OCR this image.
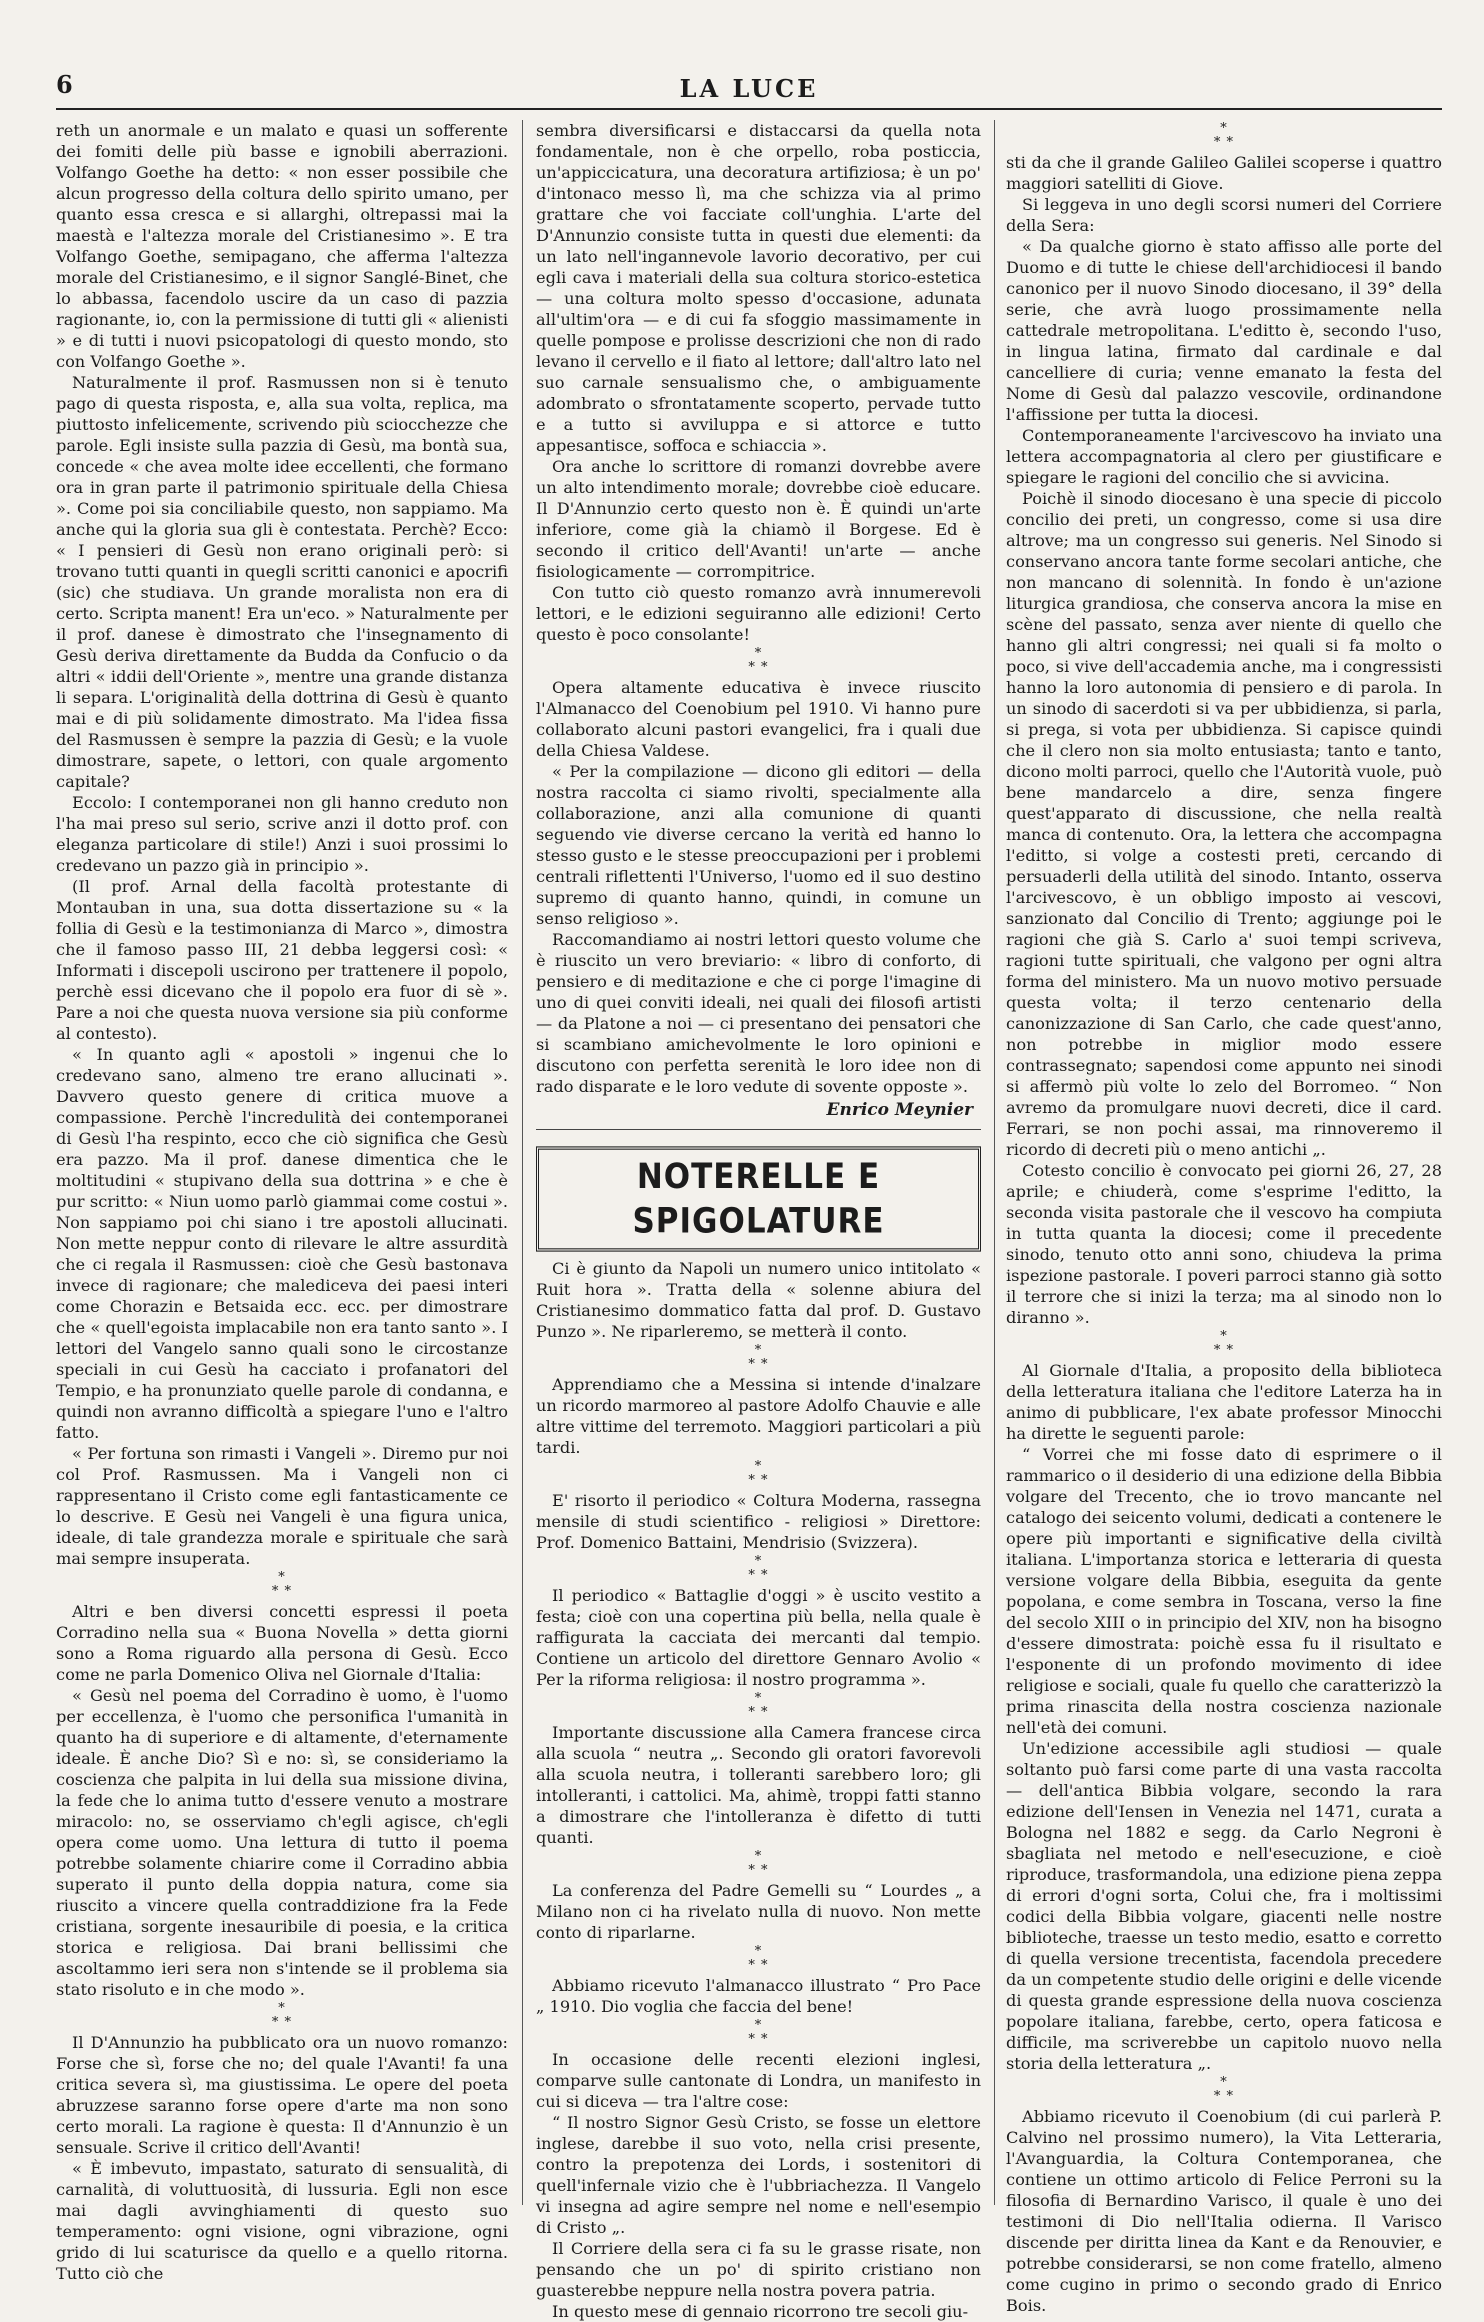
6	LA LUCE

reth un anormale e un malato e quasi un sofferente dei fomiti delle più basse e ignobili aberrazioni. Volfango Goethe ha detto: « non esser possibile che alcun progresso della coltura dello spirito umano, per quanto essa cresca e si allarghi, oltrepassi mai la maestà e l'altezza morale del Cristianesimo ». E tra Volfango Goethe, semipagano, che afferma l'altezza morale del Cristianesimo, e il signor Sanglé-Binet, che lo abbassa, facendolo uscire da un caso di pazzia ragionante, io, con la permissione di tutti gli « alienisti » e di tutti i nuovi psicopatologi di questo mondo, sto con Volfango Goethe ».

Naturalmente il prof. Rasmussen non si è tenuto pago di questa risposta, e, alla sua volta, replica, ma piuttosto infelicemente, scrivendo più sciocchezze che parole. Egli insiste sulla pazzia di Gesù, ma bontà sua, concede « che avea molte idee eccellenti, che formano ora in gran parte il patrimonio spirituale della Chiesa ». Come poi sia conciliabile questo, non sappiamo. Ma anche qui la gloria sua gli è contestata. Perchè? Ecco: « I pensieri di Gesù non erano originali però: si trovano tutti quanti in quegli scritti canonici e apocrifi (sic) che studiava. Un grande moralista non era di certo. Scripta manent! Era un'eco. » Naturalmente per il prof. danese è dimostrato che l'insegnamento di Gesù deriva direttamente da Budda da Confucio o da altri « iddii dell'Oriente », mentre una grande distanza li separa. L'originalità della dottrina di Gesù è quanto mai e di più solidamente dimostrato. Ma l'idea fissa del Rasmussen è sempre la pazzia di Gesù; e la vuole dimostrare, sapete, o lettori, con quale argomento capitale?

Eccolo: I contemporanei non gli hanno creduto non l'ha mai preso sul serio, scrive anzi il dotto prof. con eleganza particolare di stile!) Anzi i suoi prossimi lo credevano un pazzo già in principio ».

(Il prof. Arnal della facoltà protestante di Montauban in una, sua dotta dissertazione su « la follia di Gesù e la testimonianza di Marco », dimostra che il famoso passo III, 21 debba leggersi così: « Informati i discepoli uscirono per trattenere il popolo, perchè essi dicevano che il popolo era fuor di sè ». Pare a noi che questa nuova versione sia più conforme al contesto).

« In quanto agli « apostoli » ingenui che lo credevano sano, almeno tre erano allucinati ». Davvero questo genere di critica muove a compassione. Perchè l'incredulità dei contemporanei di Gesù l'ha respinto, ecco che ciò significa che Gesù era pazzo. Ma il prof. danese dimentica che le moltitudini « stupivano della sua dottrina » e che è pur scritto: « Niun uomo parlò giammai come costui ». Non sappiamo poi chi siano i tre apostoli allucinati. Non mette neppur conto di rilevare le altre assurdità che ci regala il Rasmussen: cioè che Gesù bastonava invece di ragionare; che malediceva dei paesi interi come Chorazin e Betsaida ecc. ecc. per dimostrare che « quell'egoista implacabile non era tanto santo ». I lettori del Vangelo sanno quali sono le circostanze speciali in cui Gesù ha cacciato i profanatori del Tempio, e ha pronunziato quelle parole di condanna, e quindi non avranno difficoltà a spiegare l'uno e l'altro fatto.

« Per fortuna son rimasti i Vangeli ». Diremo pur noi col Prof. Rasmussen. Ma i Vangeli non ci rappresentano il Cristo come egli fantasticamente ce lo descrive. E Gesù nei Vangeli è una figura unica, ideale, di tale grandezza morale e spirituale che sarà mai sempre insuperata.

*
* *

Altri e ben diversi concetti espressi il poeta Corradino nella sua « Buona Novella » detta giorni sono a Roma riguardo alla persona di Gesù. Ecco come ne parla Domenico Oliva nel Giornale d'Italia:

« Gesù nel poema del Corradino è uomo, è l'uomo per eccellenza, è l'uomo che personifica l'umanità in quanto ha di superiore e di altamente, d'eternamente ideale. È anche Dio? Sì e no: sì, se consideriamo la coscienza che palpita in lui della sua missione divina, la fede che lo anima tutto d'essere venuto a mostrare miracolo: no, se osserviamo ch'egli agisce, ch'egli opera come uomo. Una lettura di tutto il poema potrebbe solamente chiarire come il Corradino abbia superato il punto della doppia natura, come sia riuscito a vincere quella contraddizione fra la Fede cristiana, sorgente inesauribile di poesia, e la critica storica e religiosa. Dai brani bellissimi che ascoltammo ieri sera non s'intende se il problema sia stato risoluto e in che modo ».

*
* *

Il D'Annunzio ha pubblicato ora un nuovo romanzo: Forse che sì, forse che no; del quale l'Avanti! fa una critica severa sì, ma giustissima. Le opere del poeta abruzzese saranno forse opere d'arte ma non sono certo morali. La ragione è questa: Il d'Annunzio è un sensuale. Scrive il critico dell'Avanti!

« È imbevuto, impastato, saturato di sensualità, di carnalità, di voluttuosità, di lussuria. Egli non esce mai dagli avvinghiamenti di questo suo temperamento: ogni visione, ogni vibrazione, ogni grido di lui scaturisce da quello e a quello ritorna. Tutto ciò che

sembra diversificarsi e distaccarsi da quella nota fondamentale, non è che orpello, roba posticcia, un'appiccicatura, una decoratura artifiziosa; è un po' d'intonaco messo lì, ma che schizza via al primo grattare che voi facciate coll'unghia. L'arte del D'Annunzio consiste tutta in questi due elementi: da un lato nell'ingannevole lavorio decorativo, per cui egli cava i materiali della sua coltura storico-estetica — una coltura molto spesso d'occasione, adunata all'ultim'ora — e di cui fa sfoggio massimamente in quelle pompose e prolisse descrizioni che non di rado levano il cervello e il fiato al lettore; dall'altro lato nel suo carnale sensualismo che, o ambiguamente adombrato o sfrontatamente scoperto, pervade tutto e a tutto si avviluppa e si attorce e tutto appesantisce, soffoca e schiaccia ».

Ora anche lo scrittore di romanzi dovrebbe avere un alto intendimento morale; dovrebbe cioè educare. Il D'Annunzio certo questo non è. È quindi un'arte inferiore, come già la chiamò il Borgese. Ed è secondo il critico dell'Avanti! un'arte — anche fisiologicamente — corrompitrice.

Con tutto ciò questo romanzo avrà innumerevoli lettori, e le edizioni seguiranno alle edizioni! Certo questo è poco consolante!

*
* *

Opera altamente educativa è invece riuscito l'Almanacco del Coenobium pel 1910. Vi hanno pure collaborato alcuni pastori evangelici, fra i quali due della Chiesa Valdese.

« Per la compilazione — dicono gli editori — della nostra raccolta ci siamo rivolti, specialmente alla collaborazione, anzi alla comunione di quanti seguendo vie diverse cercano la verità ed hanno lo stesso gusto e le stesse preoccupazioni per i problemi centrali riflettenti l'Universo, l'uomo ed il suo destino supremo di quanto hanno, quindi, in comune un senso religioso ».

Raccomandiamo ai nostri lettori questo volume che è riuscito un vero breviario: « libro di conforto, di pensiero e di meditazione e che ci porge l'imagine di uno di quei conviti ideali, nei quali dei filosofi artisti — da Platone a noi — ci presentano dei pensatori che si scambiano amichevolmente le loro opinioni e discutono con perfetta serenità le loro idee non di rado disparate e le loro vedute di sovente opposte ».

Enrico Meynier
NOTERELLE E SPIGOLATURE

Ci è giunto da Napoli un numero unico intitolato « Ruit hora ». Tratta della « solenne abiura del Cristianesimo dommatico fatta dal prof. D. Gustavo Punzo ». Ne riparleremo, se metterà il conto.

*
* *

Apprendiamo che a Messina si intende d'inalzare un ricordo marmoreo al pastore Adolfo Chauvie e alle altre vittime del terremoto. Maggiori particolari a più tardi.

*
* *

E' risorto il periodico « Coltura Moderna, rassegna mensile di studi scientifico - religiosi » Direttore: Prof. Domenico Battaini, Mendrisio (Svizzera).

*
* *

Il periodico « Battaglie d'oggi » è uscito vestito a festa; cioè con una copertina più bella, nella quale è raffigurata la cacciata dei mercanti dal tempio. Contiene un articolo del direttore Gennaro Avolio « Per la riforma religiosa: il nostro programma ».

*
* *

Importante discussione alla Camera francese circa alla scuola “ neutra „. Secondo gli oratori favorevoli alla scuola neutra, i tolleranti sarebbero loro; gli intolleranti, i cattolici. Ma, ahimè, troppi fatti stanno a dimostrare che l'intolleranza è difetto di tutti quanti.

*
* *

La conferenza del Padre Gemelli su “ Lourdes „ a Milano non ci ha rivelato nulla di nuovo. Non mette conto di riparlarne.

*
* *

Abbiamo ricevuto l'almanacco illustrato “ Pro Pace „ 1910. Dio voglia che faccia del bene!

*
* *

In occasione delle recenti elezioni inglesi, comparve sulle cantonate di Londra, un manifesto in cui si diceva — tra l'altre cose:

“ Il nostro Signor Gesù Cristo, se fosse un elettore inglese, darebbe il suo voto, nella crisi presente, contro la prepotenza dei Lords, i sostenitori di quell'infernale vizio che è l'ubbriachezza. Il Vangelo vi insegna ad agire sempre nel nome e nell'esempio di Cristo „.

Il Corriere della sera ci fa su le grasse risate, non pensando che un po' di spirito cristiano non guasterebbe neppure nella nostra povera patria.

In questo mese di gennaio ricorrono tre secoli giu-

*
* *

sti da che il grande Galileo Galilei scoperse i quattro maggiori satelliti di Giove.

Si leggeva in uno degli scorsi numeri del Corriere della Sera:

« Da qualche giorno è stato affisso alle porte del Duomo e di tutte le chiese dell'archidiocesi il bando canonico per il nuovo Sinodo diocesano, il 39° della serie, che avrà luogo prossimamente nella cattedrale metropolitana. L'editto è, secondo l'uso, in lingua latina, firmato dal cardinale e dal cancelliere di curia; venne emanato la festa del Nome di Gesù dal palazzo vescovile, ordinandone l'affissione per tutta la diocesi.

Contemporaneamente l'arcivescovo ha inviato una lettera accompagnatoria al clero per giustificare e spiegare le ragioni del concilio che si avvicina.

Poichè il sinodo diocesano è una specie di piccolo concilio dei preti, un congresso, come si usa dire altrove; ma un congresso sui generis. Nel Sinodo si conservano ancora tante forme secolari antiche, che non mancano di solennità. In fondo è un'azione liturgica grandiosa, che conserva ancora la mise en scène del passato, senza aver niente di quello che hanno gli altri congressi; nei quali si fa molto o poco, si vive dell'accademia anche, ma i congressisti hanno la loro autonomia di pensiero e di parola. In un sinodo di sacerdoti si va per ubbidienza, si parla, si prega, si vota per ubbidienza. Si capisce quindi che il clero non sia molto entusiasta; tanto e tanto, dicono molti parroci, quello che l'Autorità vuole, può bene mandarcelo a dire, senza fingere quest'apparato di discussione, che nella realtà manca di contenuto. Ora, la lettera che accompagna l'editto, si volge a costesti preti, cercando di persuaderli della utilità del sinodo. Intanto, osserva l'arcivescovo, è un obbligo imposto ai vescovi, sanzionato dal Concilio di Trento; aggiunge poi le ragioni che già S. Carlo a' suoi tempi scriveva, ragioni tutte spirituali, che valgono per ogni altra forma del ministero. Ma un nuovo motivo persuade questa volta; il terzo centenario della canonizzazione di San Carlo, che cade quest'anno, non potrebbe in miglior modo essere contrassegnato; sapendosi come appunto nei sinodi si affermò più volte lo zelo del Borromeo. “ Non avremo da promulgare nuovi decreti, dice il card. Ferrari, se non pochi assai, ma rinnoveremo il ricordo di decreti più o meno antichi „.

Cotesto concilio è convocato pei giorni 26, 27, 28 aprile; e chiuderà, come s'esprime l'editto, la seconda visita pastorale che il vescovo ha compiuta in tutta quanta la diocesi; come il precedente sinodo, tenuto otto anni sono, chiudeva la prima ispezione pastorale. I poveri parroci stanno già sotto il terrore che si inizi la terza; ma al sinodo non lo diranno ».

*
* *

Al Giornale d'Italia, a proposito della biblioteca della letteratura italiana che l'editore Laterza ha in animo di pubblicare, l'ex abate professor Minocchi ha dirette le seguenti parole:

“ Vorrei che mi fosse dato di esprimere o il rammarico o il desiderio di una edizione della Bibbia volgare del Trecento, che io trovo mancante nel catalogo dei seicento volumi, dedicati a contenere le opere più importanti e significative della civiltà italiana. L'importanza storica e letteraria di questa versione volgare della Bibbia, eseguita da gente popolana, e come sembra in Toscana, verso la fine del secolo XIII o in principio del XIV, non ha bisogno d'essere dimostrata: poichè essa fu il risultato e l'esponente di un profondo movimento di idee religiose e sociali, quale fu quello che caratterizzò la prima rinascita della nostra coscienza nazionale nell'età dei comuni.

Un'edizione accessibile agli studiosi — quale soltanto può farsi come parte di una vasta raccolta — dell'antica Bibbia volgare, secondo la rara edizione dell'Iensen in Venezia nel 1471, curata a Bologna nel 1882 e segg. da Carlo Negroni è sbagliata nel metodo e nell'esecuzione, e cioè riproduce, trasformandola, una edizione piena zeppa di errori d'ogni sorta, Colui che, fra i moltissimi codici della Bibbia volgare, giacenti nelle nostre biblioteche, traesse un testo medio, esatto e corretto di quella versione trecentista, facendola precedere da un competente studio delle origini e delle vicende di questa grande espressione della nuova coscienza popolare italiana, farebbe, certo, opera faticosa e difficile, ma scriverebbe un capitolo nuovo nella storia della letteratura „.

*
* *

Abbiamo ricevuto il Coenobium (di cui parlerà P. Calvino nel prossimo numero), la Vita Letteraria, l'Avanguardia, la Coltura Contemporanea, che contiene un ottimo articolo di Felice Perroni su la filosofia di Bernardino Varisco, il quale è uno dei testimoni di Dio nell'Italia odierna. Il Varisco discende per diritta linea da Kant e da Renouvier, e potrebbe considerarsi, se non come fratello, almeno come cugino in primo o secondo grado di Enrico Bois.
